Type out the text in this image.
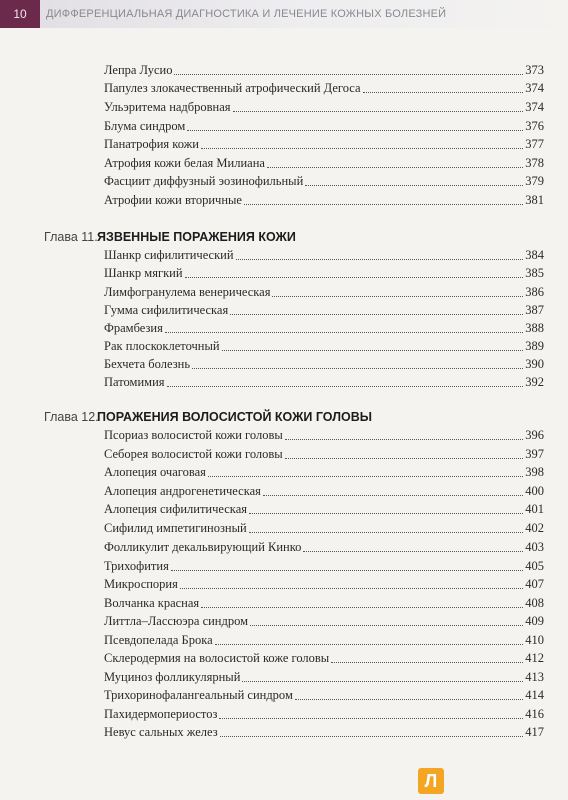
10	ДИФФЕРЕНЦИАЛЬНАЯ ДИАГНОСТИКА И ЛЕЧЕНИЕ КОЖНЫХ БОЛЕЗНЕЙ
Лепра Лусио	373
Папулез злокачественный атрофический Дегоса	374
Ульэритема надбровная	374
Блума синдром	376
Панатрофия кожи	377
Атрофия кожи белая Милиана	378
Фасциит диффузный эозинофильный	379
Атрофии кожи вторичные	381
Глава 11. ЯЗВЕННЫЕ ПОРАЖЕНИЯ КОЖИ
Шанкр сифилитический	384
Шанкр мягкий	385
Лимфогранулема венерическая	386
Гумма сифилитическая	387
Фрамбезия	388
Рак плоскоклеточный	389
Бехчета болезнь	390
Патомимия	392
Глава 12.
ПОРАЖЕНИЯ ВОЛОСИСТОЙ КОЖИ ГОЛОВЫ
Псориаз волосистой кожи головы	396
Себорея волосистой кожи головы	397
Алопеция очаговая	398
Алопеция андрогенетическая	400
Алопеция сифилитическая	401
Сифилид импетигинозный	402
Фолликулит декальвирующий Кинко	403
Трихофития	405
Микроспория	407
Волчанка красная	408
Литтла–Лассюэра синдром	409
Псевдопелада Брока	410
Склеродермия на волосистой коже головы	412
Муциноз фолликулярный	413
Трихоринофалангеальный синдром	414
Пахидермопериостоз	416
Невус сальных желез	417
Л
